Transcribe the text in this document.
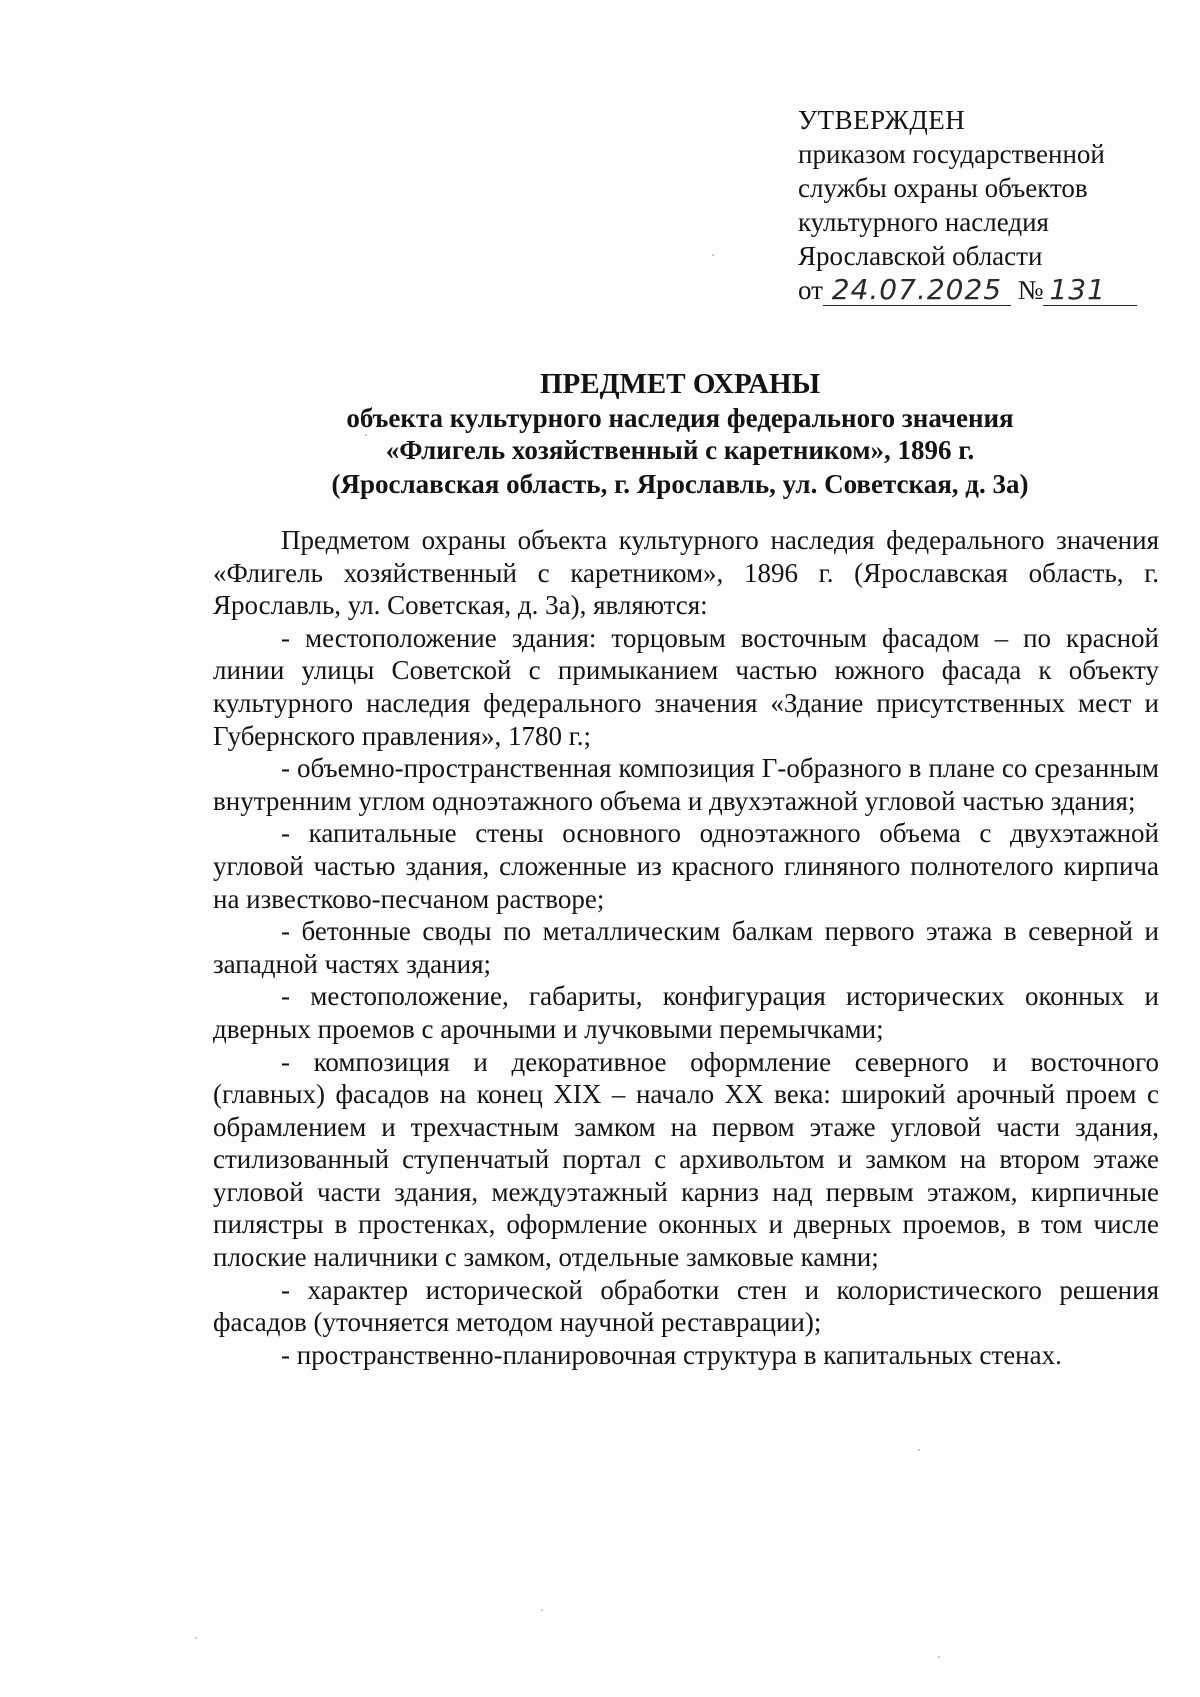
УТВЕРЖДЕН
приказом государственной
службы охраны объектов
культурного наследия
Ярославской области
от 24.07.2025 № 131
ПРЕДМЕТ ОХРАНЫ
объекта культурного наследия федерального значения
«Флигель хозяйственный с каретником», 1896 г.
(Ярославская область, г. Ярославль, ул. Советская, д. 3а)

Предметом охраны объекта культурного наследия федерального значения «Флигель хозяйственный с каретником», 1896 г. (Ярославская область, г. Ярославль, ул. Советская, д. 3а), являются:

- местоположение здания: торцовым восточным фасадом – по красной линии улицы Советской с примыканием частью южного фасада к объекту культурного наследия федерального значения «Здание присутственных мест и Губернского правления», 1780 г.;

- объемно-пространственная композиция Г-образного в плане со срезанным внутренним углом одноэтажного объема и двухэтажной угловой частью здания;

- капитальные стены основного одноэтажного объема с двухэтажной угловой частью здания, сложенные из красного глиняного полнотелого кирпича на известково-песчаном растворе;

- бетонные своды по металлическим балкам первого этажа в северной и западной частях здания;

- местоположение, габариты, конфигурация исторических оконных и дверных проемов с арочными и лучковыми перемычками;

- композиция и декоративное оформление северного и восточного (главных) фасадов на конец XIX – начало XX века: широкий арочный проем с обрамлением и трехчастным замком на первом этаже угловой части здания, стилизованный ступенчатый портал с архивольтом и замком на втором этаже угловой части здания, междуэтажный карниз над первым этажом, кирпичные пилястры в простенках, оформление оконных и дверных проемов, в том числе плоские наличники с замком, отдельные замковые камни;

- характер исторической обработки стен и колористического решения фасадов (уточняется методом научной реставрации);

- пространственно-планировочная структура в капитальных стенах.
